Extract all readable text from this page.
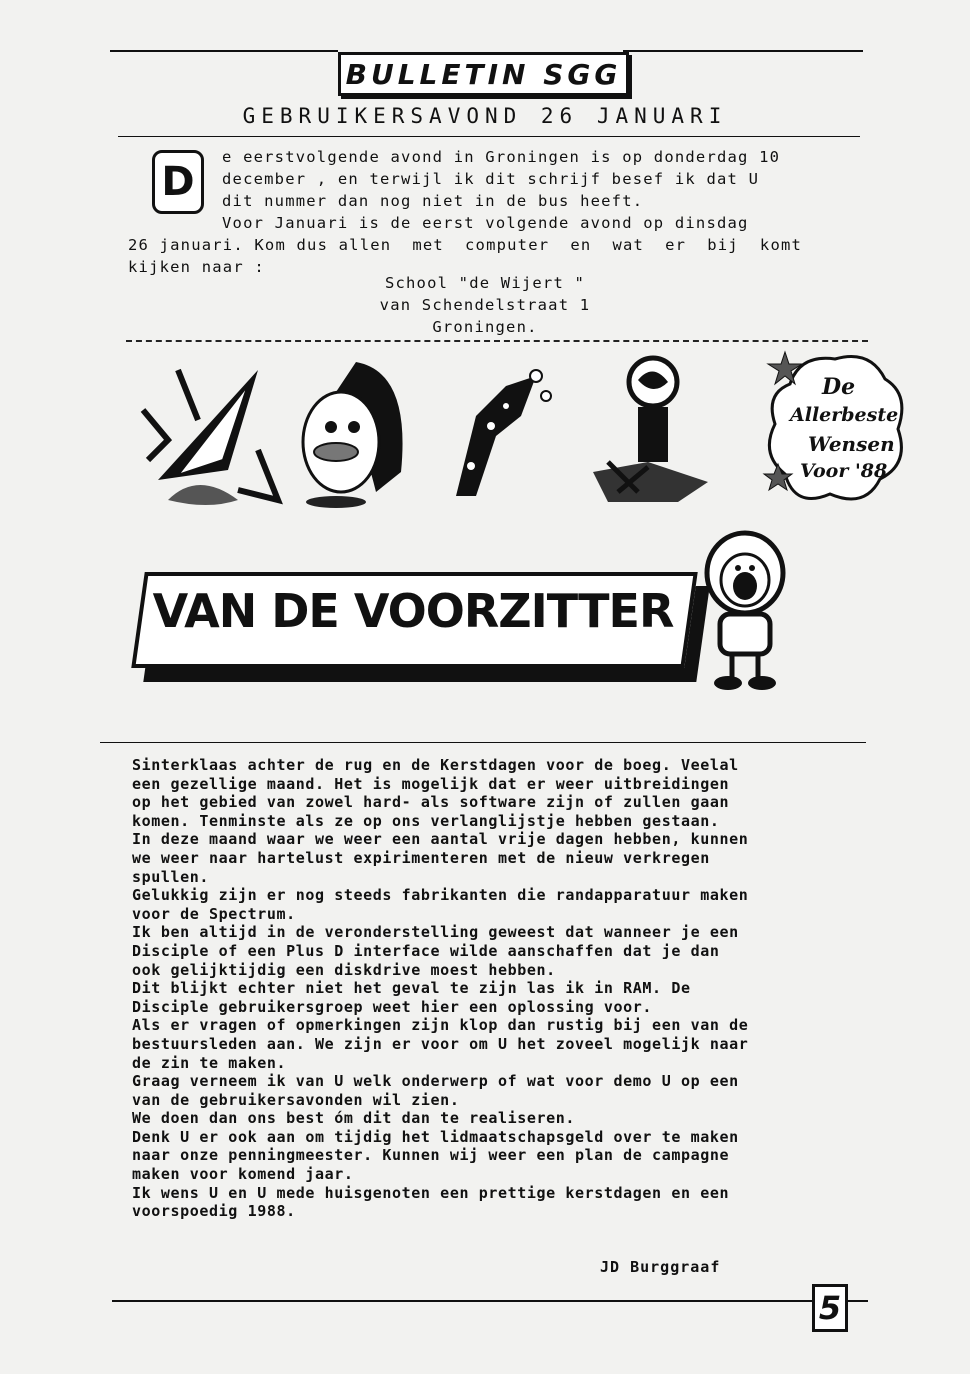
BULLETIN SGG
GEBRUIKERSAVOND 26 JANUARI
D
e eerstvolgende avond in Groningen is op donderdag 10
december , en terwijl ik dit schrijf besef ik dat U
dit nummer dan nog niet in de bus heeft.
Voor Januari is de eerst volgende avond op dinsdag
26 januari. Kom dus allen  met  computer  en  wat  er  bij  komt
kijken naar :
School "de Wijert "
van Schendelstraat 1
Groningen.
De
Allerbeste
Wensen
Voor '88
VAN DE VOORZITTER
Sinterklaas achter de rug en de Kerstdagen voor de boeg. Veelal
een gezellige maand. Het is mogelijk dat er weer uitbreidingen
op het gebied van zowel hard- als software zijn of zullen gaan
komen. Tenminste als ze op ons verlanglijstje hebben gestaan.
In deze maand waar we weer een aantal vrije dagen hebben, kunnen
we weer naar hartelust expirimenteren met de nieuw verkregen
spullen.
Gelukkig zijn er nog steeds fabrikanten die randapparatuur maken
voor de Spectrum.
Ik ben altijd in de veronderstelling geweest dat wanneer je een
Disciple of een Plus D interface wilde aanschaffen dat je dan
ook gelijktijdig een diskdrive moest hebben.
Dit blijkt echter niet het geval te zijn las ik in RAM. De
Disciple gebruikersgroep weet hier een oplossing voor.
Als er vragen of opmerkingen zijn klop dan rustig bij een van de
bestuursleden aan. We zijn er voor om U het zoveel mogelijk naar
de zin te maken.
Graag verneem ik van U welk onderwerp of wat voor demo U op een
van de gebruikersavonden wil zien.
We doen dan ons best óm dit dan te realiseren.
Denk U er ook aan om tijdig het lidmaatschapsgeld over te maken
naar onze penningmeester. Kunnen wij weer een plan de campagne
maken voor komend jaar.
Ik wens U en U mede huisgenoten een prettige kerstdagen en een
voorspoedig 1988.
JD Burggraaf
5
